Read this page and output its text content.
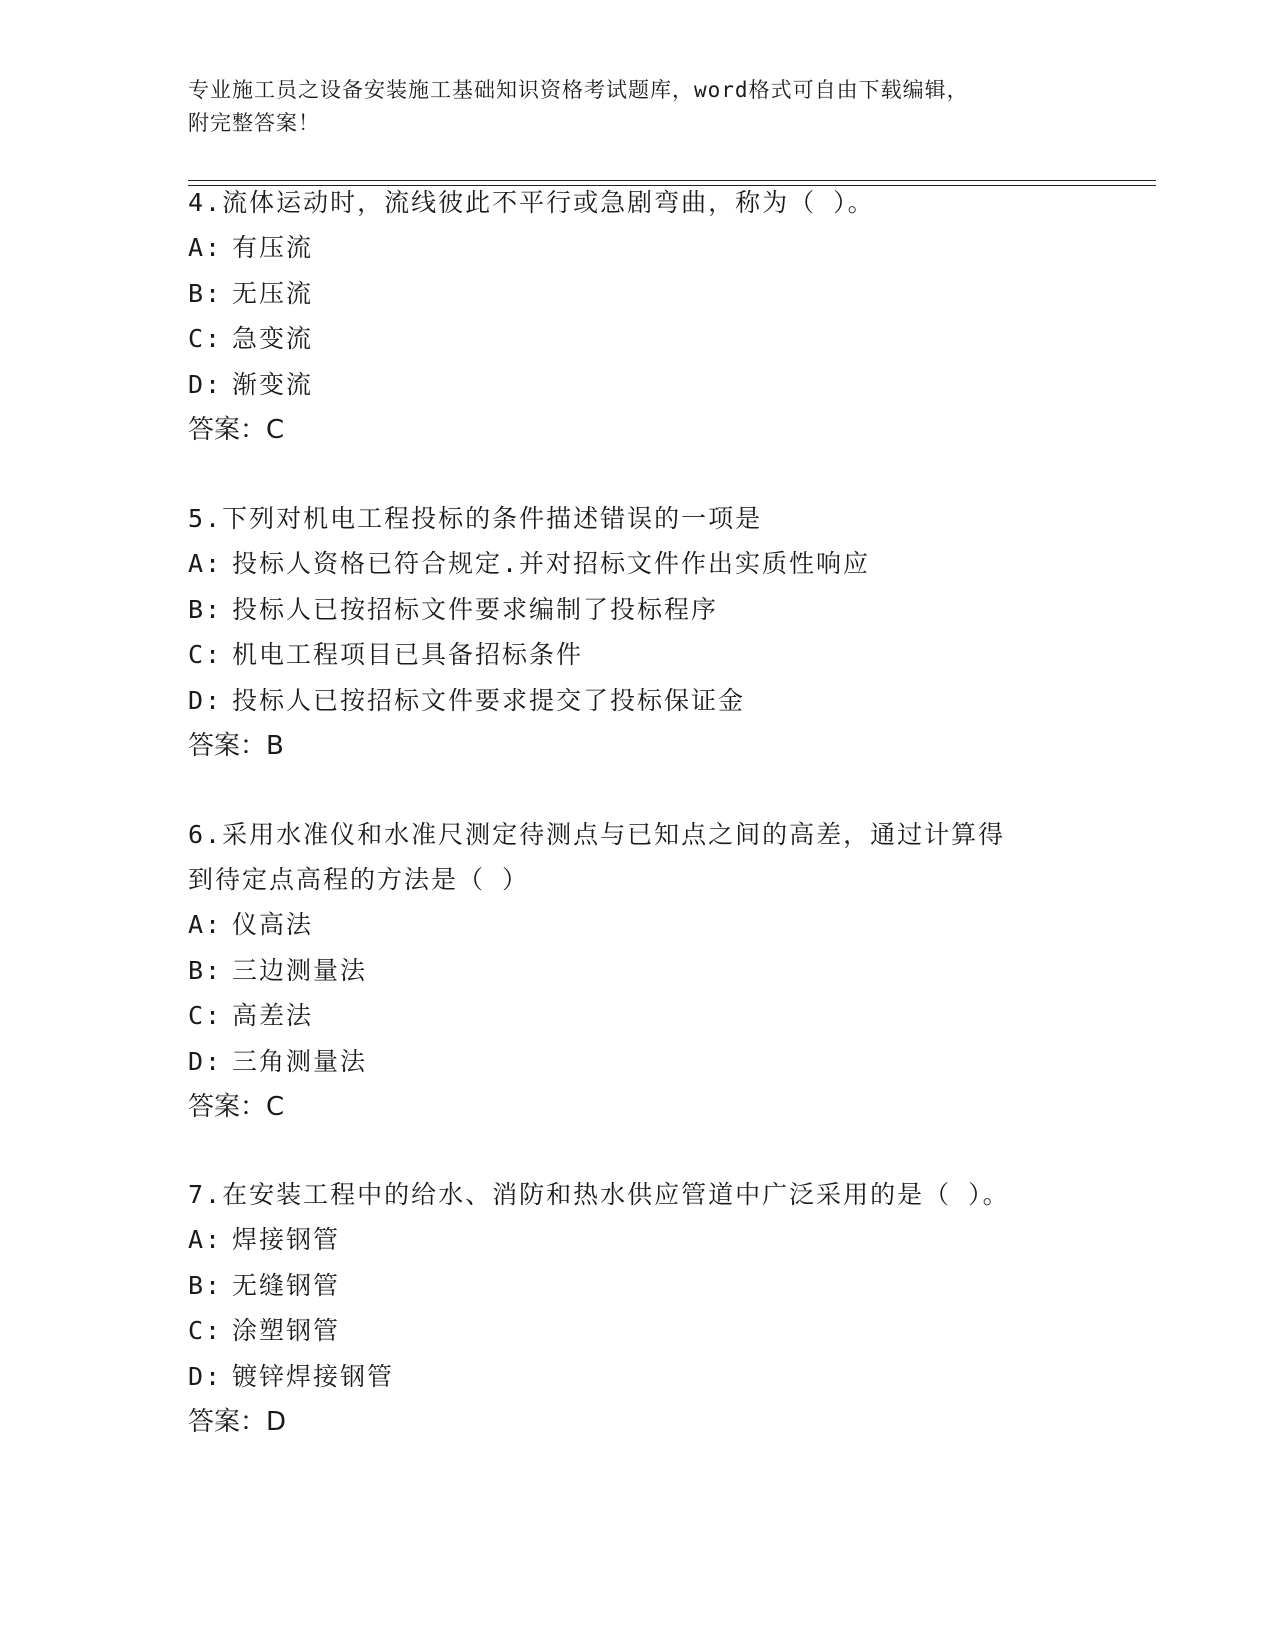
专业施工员之设备安装施工基础知识资格考试题库，word格式可自由下载编辑，
附完整答案！

4.流体运动时，流线彼此不平行或急剧弯曲，称为（ ）。

A: 有压流

B: 无压流

C: 急变流

D: 渐变流

答案：C

5.下列对机电工程投标的条件描述错误的一项是

A: 投标人资格已符合规定.并对招标文件作出实质性响应

B: 投标人已按招标文件要求编制了投标程序

C: 机电工程项目已具备招标条件

D: 投标人已按招标文件要求提交了投标保证金

答案：B

6.采用水准仪和水准尺测定待测点与已知点之间的高差，通过计算得

到待定点高程的方法是（ ）

A: 仪高法

B: 三边测量法

C: 高差法

D: 三角测量法

答案：C

7.在安装工程中的给水、消防和热水供应管道中广泛采用的是（ ）。

A: 焊接钢管

B: 无缝钢管

C: 涂塑钢管

D: 镀锌焊接钢管

答案：D
